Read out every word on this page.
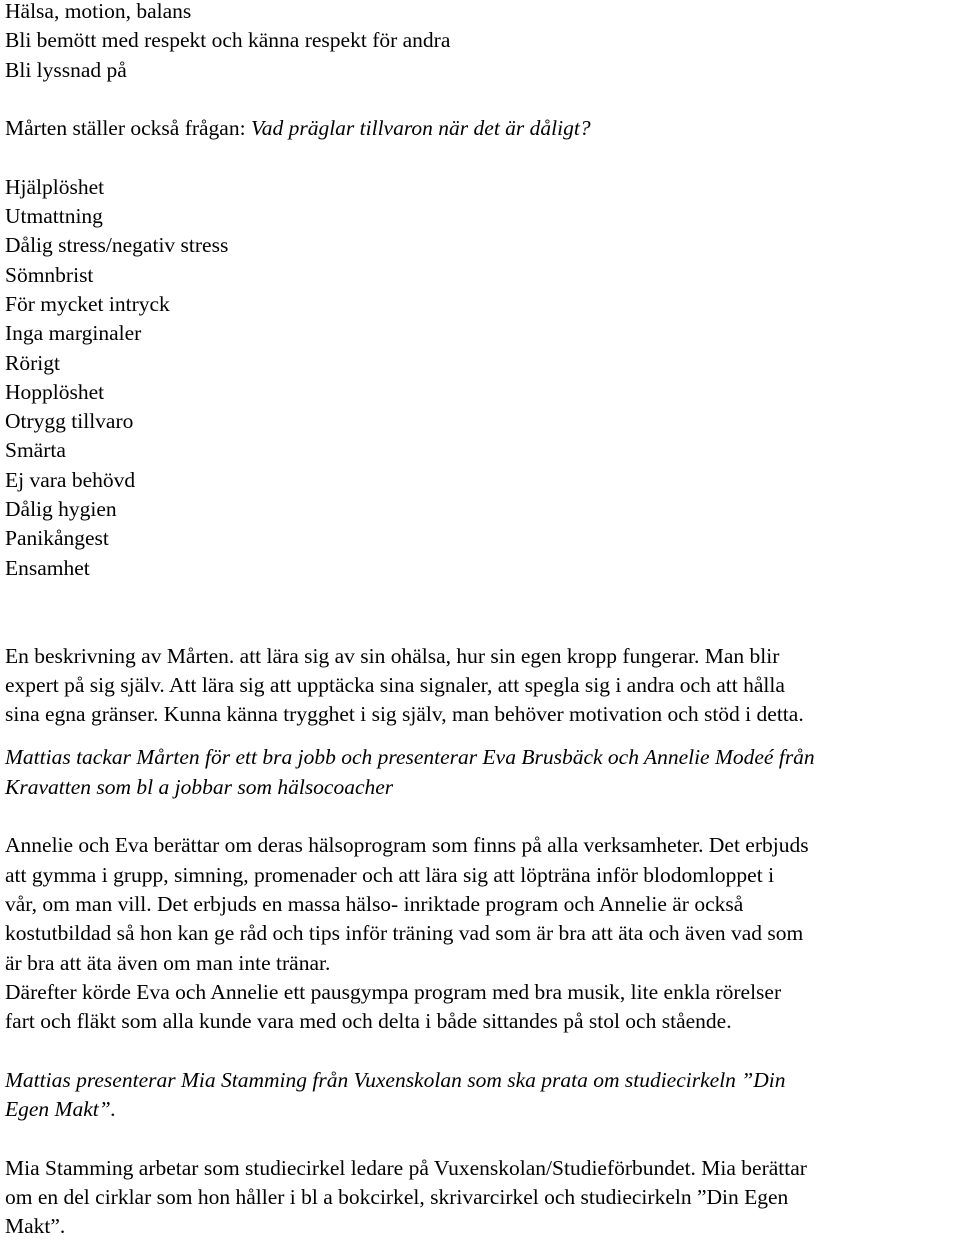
Hälsa, motion, balans
Bli bemött med respekt och känna respekt för andra
Bli lyssnad på
Mårten ställer också frågan: Vad präglar tillvaron när det är dåligt?
Hjälplöshet
Utmattning
Dålig stress/negativ stress
Sömnbrist
För mycket intryck
Inga marginaler
Rörigt
Hopplöshet
Otrygg tillvaro
Smärta
Ej vara behövd
Dålig hygien
Panikångest
Ensamhet
En beskrivning av Mårten. att lära sig av sin ohälsa, hur sin egen kropp fungerar. Man blir
expert på sig själv. Att lära sig att upptäcka sina signaler, att spegla sig i andra och att hålla
sina egna gränser. Kunna känna trygghet i sig själv, man behöver motivation och stöd i detta.
Mattias tackar Mårten för ett bra jobb och presenterar Eva Brusbäck och Annelie Modeé från
Kravatten som bl a jobbar som hälsocoacher
Annelie och Eva berättar om deras hälsoprogram som finns på alla verksamheter. Det erbjuds
att gymma i grupp, simning, promenader och att lära sig att löpträna inför blodomloppet i
vår, om man vill. Det erbjuds en massa hälso- inriktade program och Annelie är också
kostutbildad så hon kan ge råd och tips inför träning vad som är bra att äta och även vad som
är bra att äta även om man inte tränar.
Därefter körde Eva och Annelie ett pausgympa program med bra musik, lite enkla rörelser
fart och fläkt som alla kunde vara med och delta i både sittandes på stol och stående.
Mattias presenterar Mia Stamming från Vuxenskolan som ska prata om studiecirkeln ”Din
Egen Makt”.
Mia Stamming arbetar som studiecirkel ledare på Vuxenskolan/Studieförbundet. Mia berättar
om en del cirklar som hon håller i bl a bokcirkel, skrivarcirkel och studiecirkeln ”Din Egen
Makt”.
